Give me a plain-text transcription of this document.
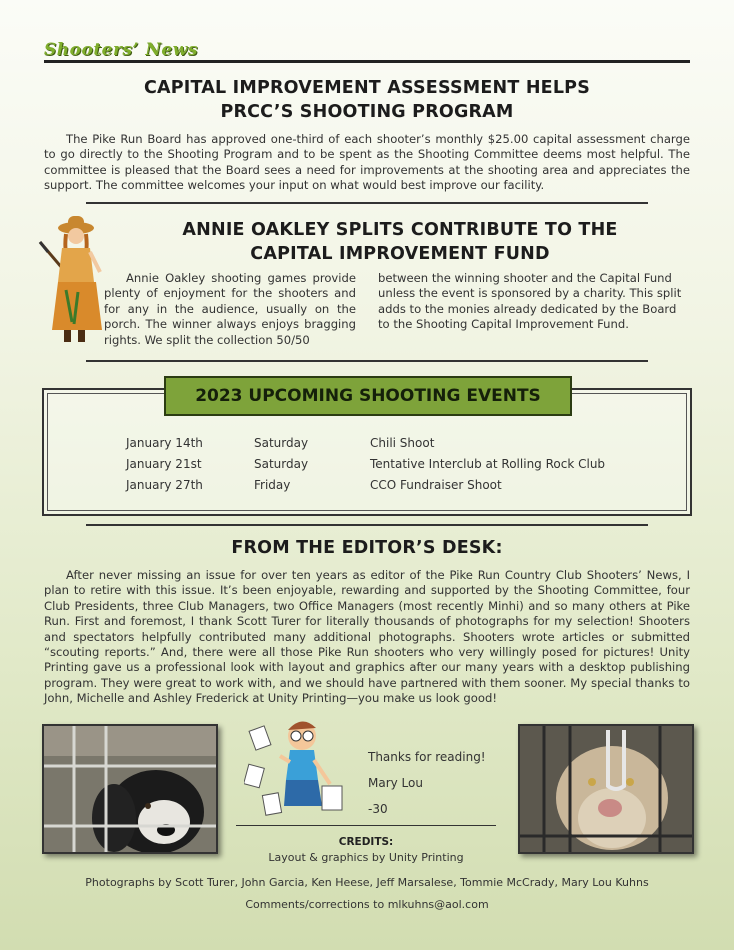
Shooters’ News
CAPITAL IMPROVEMENT ASSESSMENT HELPS
PRCC’S SHOOTING PROGRAM

The Pike Run Board has approved one-third of each shooter’s monthly $25.00 capital assessment charge to go directly to the Shooting Program and to be spent as the Shooting Committee deems most helpful. The committee is pleased that the Board sees a need for improvements at the shooting area and appreciates the support. The committee welcomes your input on what would best improve our facility.

ANNIE OAKLEY SPLITS CONTRIBUTE TO THE
CAPITAL IMPROVEMENT FUND

Annie Oakley shooting games provide plenty of enjoyment for the shooters and for any in the audience, usually on the porch. The winner always enjoys bragging rights. We split the collection 50/50

between the winning shooter and the Capital Fund unless the event is sponsored by a charity. This split adds to the monies already dedicated by the Board to the Shooting Capital Improvement Fund.

2023 UPCOMING SHOOTING EVENTS
January 14th	Saturday	Chili Shoot
January 21st	Saturday	Tentative Interclub at Rolling Rock Club
January 27th	Friday	CCO Fundraiser Shoot
FROM THE EDITOR’S DESK:

After never missing an issue for over ten years as editor of the Pike Run Country Club Shooters’ News, I plan to retire with this issue. It’s been enjoyable, rewarding and supported by the Shooting Committee, four Club Presidents, three Club Managers, two Office Managers (most recently Minhi) and so many others at Pike Run. First and foremost, I thank Scott Turer for literally thousands of photographs for my selection! Shooters and spectators helpfully contributed many additional photographs. Shooters wrote articles or submitted “scouting reports.” And, there were all those Pike Run shooters who very willingly posed for pictures! Unity Printing gave us a professional look with layout and graphics after our many years with a desktop publishing program. They were great to work with, and we should have partnered with them sooner. My special thanks to John, Michelle and Ashley Frederick at Unity Printing—you make us look good!

Thanks for reading!
Mary Lou
-30
CREDITS:
Layout & graphics by Unity Printing
Photographs by Scott Turer, John Garcia, Ken Heese, Jeff Marsalese, Tommie McCrady, Mary Lou Kuhns
Comments/corrections to mlkuhns@aol.com
